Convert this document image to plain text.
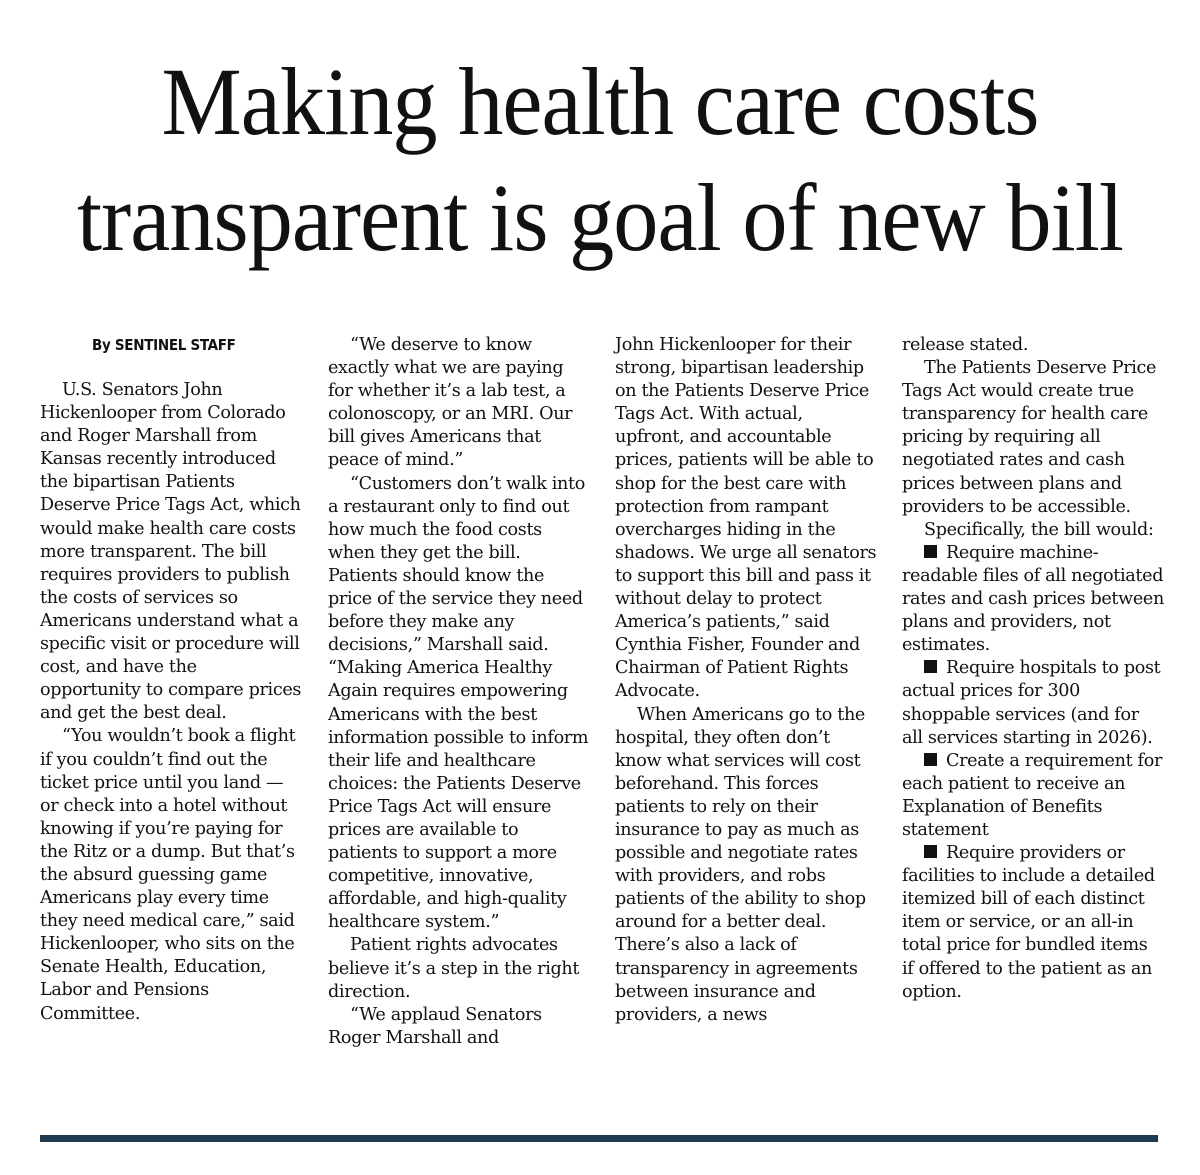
Making health care costs
transparent is goal of new bill
By SENTINEL STAFF

U.S. Senators John Hickenlooper from Colorado and Roger Marshall from Kansas recently introduced the bipartisan Patients Deserve Price Tags Act, which would make health care costs more transparent. The bill requires providers to publish the costs of services so Americans understand what a specific visit or procedure will cost, and have the opportunity to compare prices and get the best deal.

“You wouldn’t book a flight if you couldn’t find out the ticket price until you land — or check into a hotel without knowing if you’re paying for the Ritz or a dump. But that’s the absurd guessing game Americans play every time they need medical care,” said Hickenlooper, who sits on the Senate Health, Education, Labor and Pensions Committee.

“We deserve to know exactly what we are paying for whether it’s a lab test, a colonoscopy, or an MRI. Our bill gives Americans that peace of mind.”

“Customers don’t walk into a restaurant only to find out how much the food costs when they get the bill. Patients should know the price of the service they need before they make any decisions,” Marshall said. “Making America Healthy Again requires empowering Americans with the best information possible to inform their life and healthcare choices: the Patients Deserve Price Tags Act will ensure prices are available to patients to support a more competitive, innovative, affordable, and high-quality healthcare system.”

Patient rights advocates believe it’s a step in the right direction.

“We applaud Senators Roger Marshall and

John Hickenlooper for their strong, bipartisan leadership on the Patients Deserve Price Tags Act. With actual, upfront, and accountable prices, patients will be able to shop for the best care with protection from rampant overcharges hiding in the shadows. We urge all senators to support this bill and pass it without delay to protect America’s patients,” said Cynthia Fisher, Founder and Chairman of Patient Rights Advocate.

When Americans go to the hospital, they often don’t know what services will cost beforehand. This forces patients to rely on their insurance to pay as much as possible and negotiate rates with providers, and robs patients of the ability to shop around for a better deal. There’s also a lack of transparency in agreements between insurance and providers, a news

release stated.

The Patients Deserve Price Tags Act would create true transparency for health care pricing by requiring all negotiated rates and cash prices between plans and providers to be accessible.

Specifically, the bill would:

Require machine-readable files of all negotiated rates and cash prices between plans and providers, not estimates.

Require hospitals to post actual prices for 300 shoppable services (and for all services starting in 2026).

Create a requirement for each patient to receive an Explanation of Benefits statement

Require providers or facilities to include a detailed itemized bill of each distinct item or service, or an all-in total price for bundled items if offered to the patient as an option.
